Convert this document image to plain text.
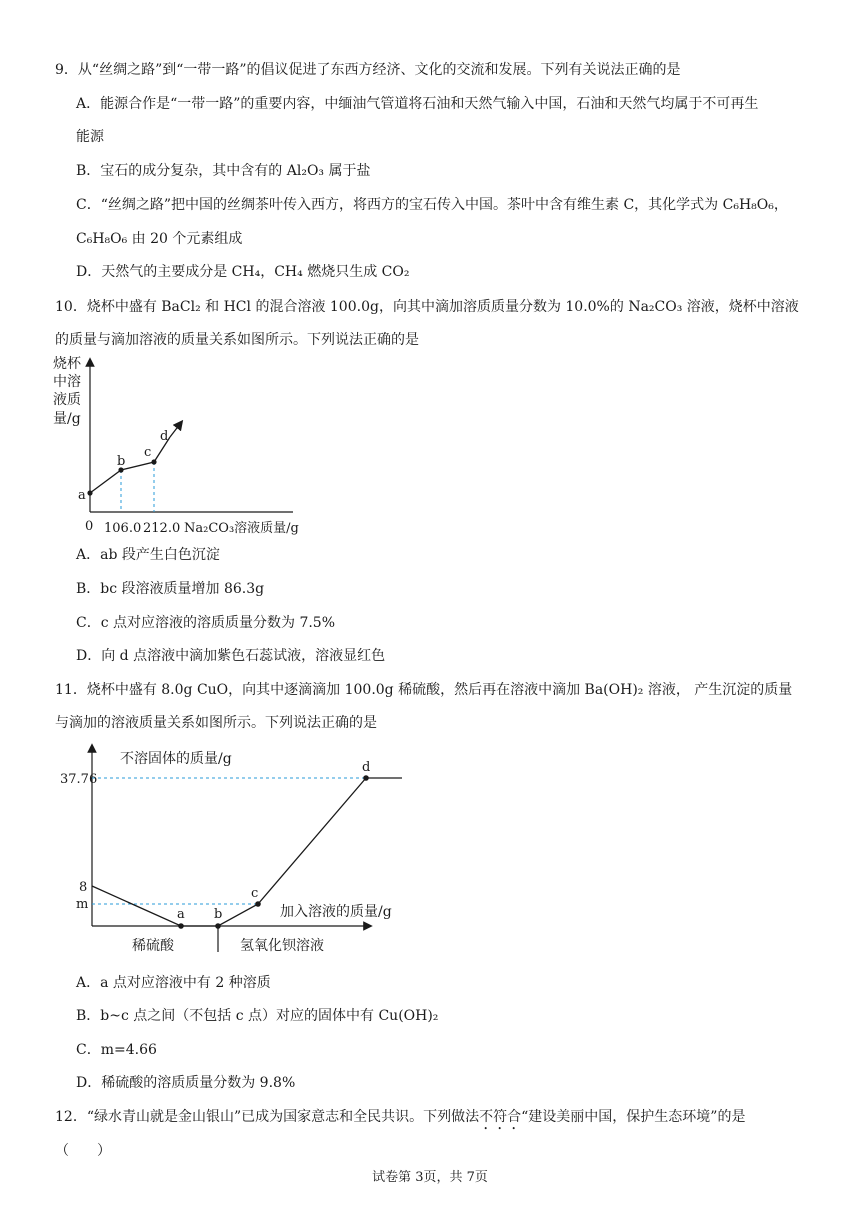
9．从“丝绸之路”到“一带一路”的倡议促进了东西方经济、文化的交流和发展。下列有关说法正确的是
A．能源合作是“一带一路”的重要内容，中缅油气管道将石油和天然气输入中国，石油和天然气均属于不可再生
能源
B．宝石的成分复杂，其中含有的 Al₂O₃ 属于盐
C．“丝绸之路”把中国的丝绸茶叶传入西方，将西方的宝石传入中国。茶叶中含有维生素 C，其化学式为 C₆H₈O₆，
C₆H₈O₆ 由 20 个元素组成
D．天然气的主要成分是 CH₄，CH₄ 燃烧只生成 CO₂
10．烧杯中盛有 BaCl₂ 和 HCl 的混合溶液 100.0g，向其中滴加溶质质量分数为 10.0%的 Na₂CO₃ 溶液，烧杯中溶液
的质量与滴加溶液的质量关系如图所示。下列说法正确的是
烧杯
中溶
液质
量/g
a
b
c
d
0 106.0 212.0 Na₂CO₃溶液质量/g
A．ab 段产生白色沉淀
B．bc 段溶液质量增加 86.3g
C．c 点对应溶液的溶质质量分数为 7.5%
D．向 d 点溶液中滴加紫色石蕊试液，溶液显红色
11．烧杯中盛有 8.0g CuO，向其中逐滴滴加 100.0g 稀硫酸，然后再在溶液中滴加 Ba(OH)₂ 溶液， 产生沉淀的质量
与滴加的溶液质量关系如图所示。下列说法正确的是
不溶固体的质量/g
37.76
8
m
a b
c
d
加入溶液的质量/g
稀硫酸	氢氧化钡溶液
A．a 点对应溶液中有 2 种溶质
B．b~c 点之间（不包括 c 点）对应的固体中有 Cu(OH)₂
C．m=4.66
D．稀硫酸的溶质质量分数为 9.8%
12．“绿水青山就是金山银山”已成为国家意志和全民共识。下列做法不符合“建设美丽中国，保护生态环境”的是
（　　）
试卷第 3页，共 7页
